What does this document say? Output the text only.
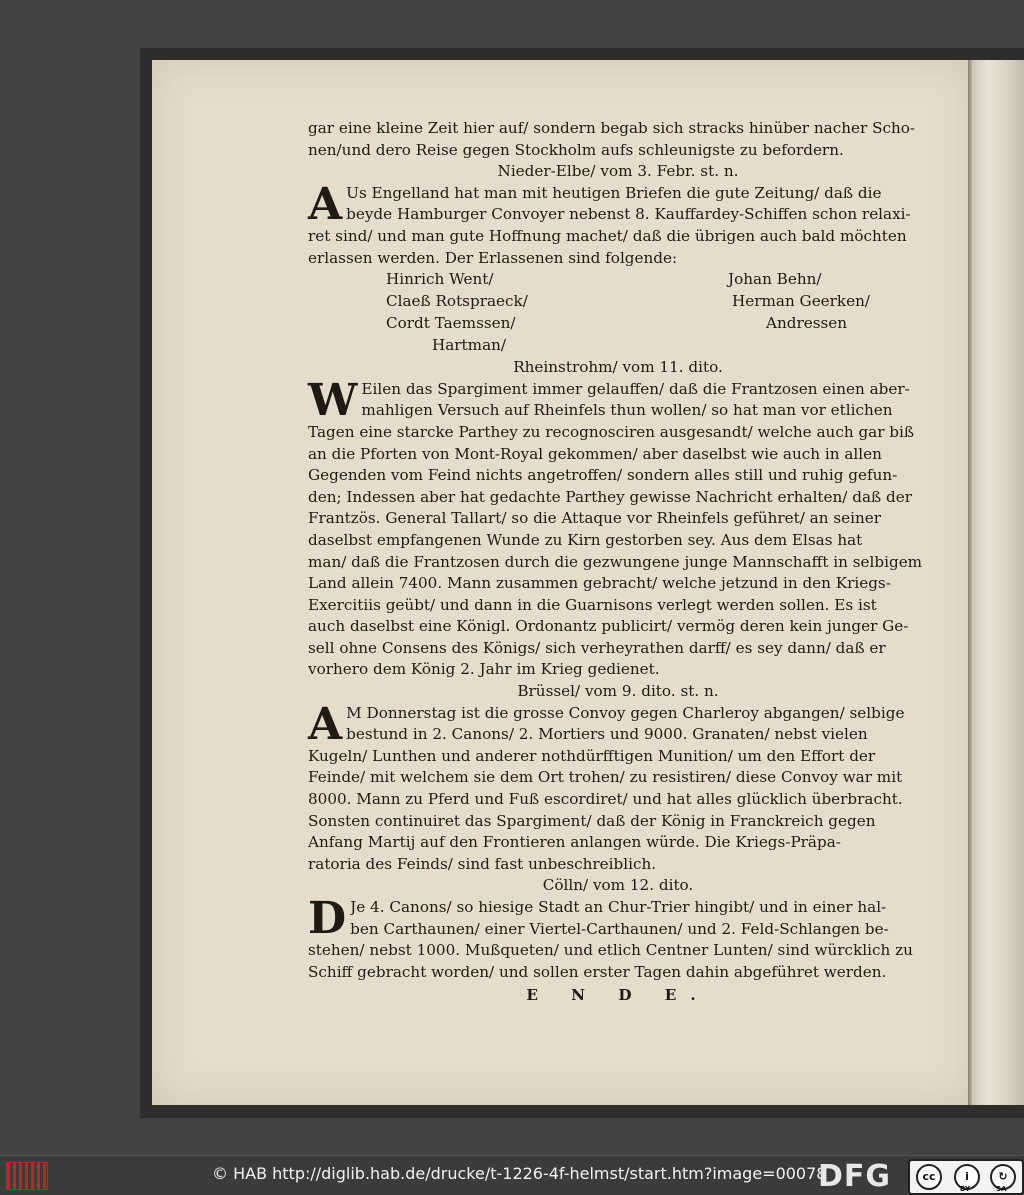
gar eine kleine Zeit hier auf/ sondern begab sich stracks hinüber nacher Scho-
nen/und dero Reise gegen Stockholm aufs schleunigste zu befordern.

Nieder-Elbe/ vom 3. Febr. st. n.

A Us Engelland hat man mit heutigen Briefen die gute Zeitung/ daß die
beyde Hamburger Convoyer nebenst 8. Kauffardey-Schiffen schon relaxi-
ret sind/ und man gute Hoffnung machet/ daß die übrigen auch bald möchten
erlassen werden. Der Erlassenen sind folgende:

Hinrich Went/	Johan Behn/
Claeß Rotspraeck/	Herman Geerken/
Cordt Taemssen/	Andressen
Hartman/
Rheinstrohm/ vom 11. dito.

W Eilen das Spargiment immer gelauffen/ daß die Frantzosen einen aber-
mahligen Versuch auf Rheinfels thun wollen/ so hat man vor etlichen
Tagen eine starcke Parthey zu recognosciren ausgesandt/ welche auch gar biß
an die Pforten von Mont-Royal gekommen/ aber daselbst wie auch in allen
Gegenden vom Feind nichts angetroffen/ sondern alles still und ruhig gefun-
den; Indessen aber hat gedachte Parthey gewisse Nachricht erhalten/ daß der
Frantzös. General Tallart/ so die Attaque vor Rheinfels geführet/ an seiner
daselbst empfangenen Wunde zu Kirn gestorben sey. Aus dem Elsas hat
man/ daß die Frantzosen durch die gezwungene junge Mannschafft in selbigem
Land allein 7400. Mann zusammen gebracht/ welche jetzund in den Kriegs-
Exercitiis geübt/ und dann in die Guarnisons verlegt werden sollen. Es ist
auch daselbst eine Königl. Ordonantz publicirt/ vermög deren kein junger Ge-
sell ohne Consens des Königs/ sich verheyrathen darff/ es sey dann/ daß er
vorhero dem König 2. Jahr im Krieg gedienet.

Brüssel/ vom 9. dito. st. n.

A M Donnerstag ist die grosse Convoy gegen Charleroy abgangen/ selbige
bestund in 2. Canons/ 2. Mortiers und 9000. Granaten/ nebst vielen
Kugeln/ Lunthen und anderer nothdürfftigen Munition/ um den Effort der
Feinde/ mit welchem sie dem Ort trohen/ zu resistiren/ diese Convoy war mit
8000. Mann zu Pferd und Fuß escordiret/ und hat alles glücklich überbracht.
Sonsten continuiret das Spargiment/ daß der König in Franckreich gegen
Anfang Martij auf den Frontieren anlangen würde. Die Kriegs-Präpa-
ratoria des Feinds/ sind fast unbeschreiblich.

Cölln/ vom 12. dito.

D Je 4. Canons/ so hiesige Stadt an Chur-Trier hingibt/ und in einer hal-
ben Carthaunen/ einer Viertel-Carthaunen/ und 2. Feld-Schlangen be-
stehen/ nebst 1000. Mußqueten/ und etlich Centner Lunten/ sind würcklich zu
Schiff gebracht worden/ und sollen erster Tagen dahin abgeführet werden.

E N D E.
© HAB http://diglib.hab.de/drucke/t-1226-4f-helmst/start.htm?image=00078
DFG	cc	i	↻
BY	SA
